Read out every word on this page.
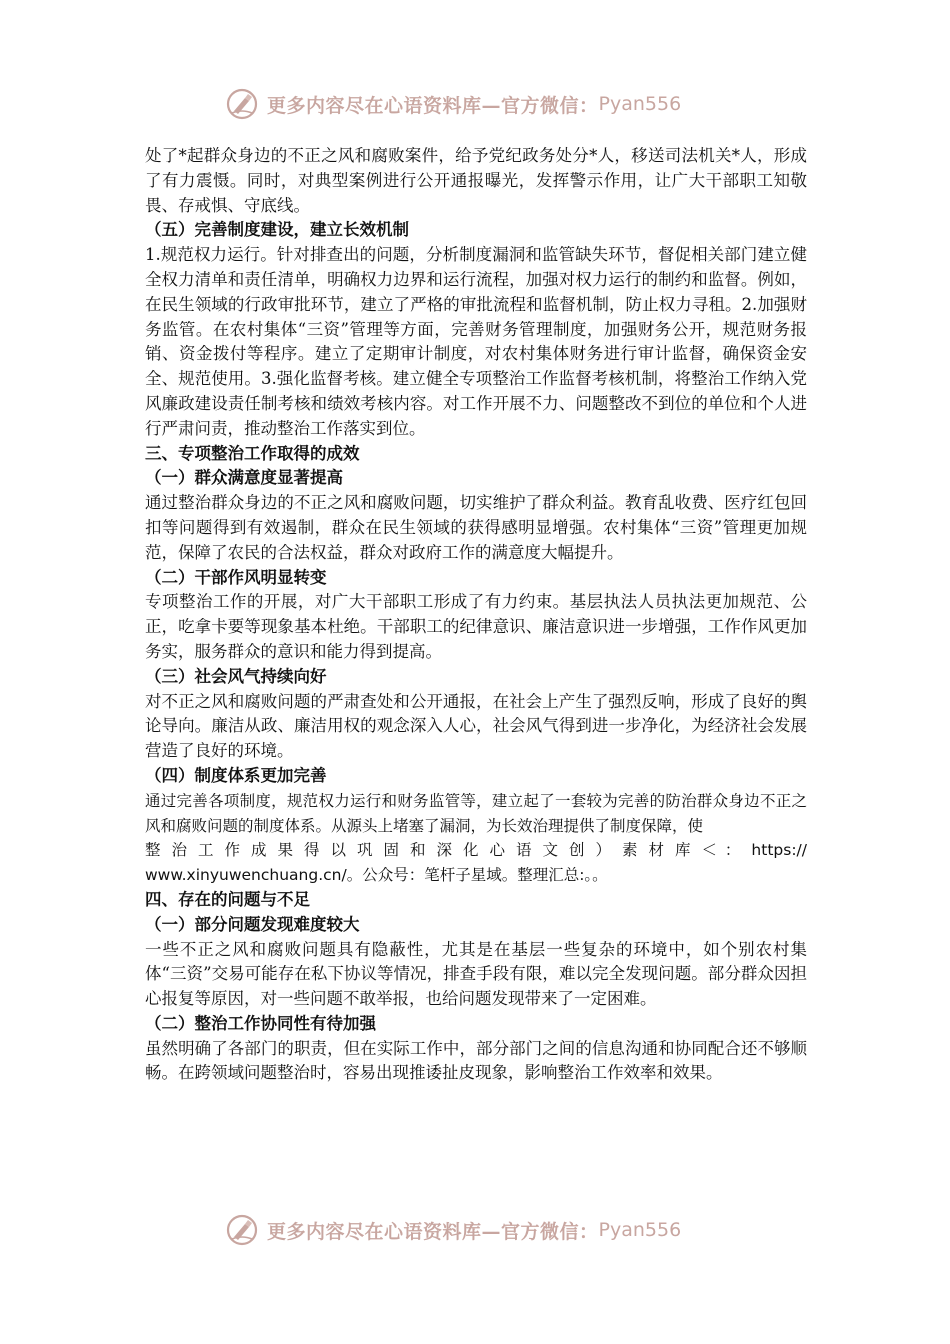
更多内容尽在心语资料库—官方微信： Pyan556

处了*起群众身边的不正之风和腐败案件，给予党纪政务处分*人，移送司法机关*人，形成了有力震慑。同时，对典型案例进行公开通报曝光，发挥警示作用，让广大干部职工知敬畏、存戒惧、守底线。

（五）完善制度建设，建立长效机制

1.规范权力运行。针对排查出的问题，分析制度漏洞和监管缺失环节，督促相关部门建立健全权力清单和责任清单，明确权力边界和运行流程，加强对权力运行的制约和监督。例如，在民生领域的行政审批环节，建立了严格的审批流程和监督机制，防止权力寻租。2.加强财务监管。在农村集体“三资”管理等方面，完善财务管理制度，加强财务公开，规范财务报销、资金拨付等程序。建立了定期审计制度，对农村集体财务进行审计监督，确保资金安全、规范使用。3.强化监督考核。建立健全专项整治工作监督考核机制，将整治工作纳入党风廉政建设责任制考核和绩效考核内容。对工作开展不力、问题整改不到位的单位和个人进行严肃问责，推动整治工作落实到位。

三、专项整治工作取得的成效

（一）群众满意度显著提高

通过整治群众身边的不正之风和腐败问题，切实维护了群众利益。教育乱收费、医疗红包回扣等问题得到有效遏制，群众在民生领域的获得感明显增强。农村集体“三资”管理更加规范，保障了农民的合法权益，群众对政府工作的满意度大幅提升。

（二）干部作风明显转变

专项整治工作的开展，对广大干部职工形成了有力约束。基层执法人员执法更加规范、公正，吃拿卡要等现象基本杜绝。干部职工的纪律意识、廉洁意识进一步增强，工作作风更加务实，服务群众的意识和能力得到提高。

（三）社会风气持续向好

对不正之风和腐败问题的严肃查处和公开通报，在社会上产生了强烈反响，形成了良好的舆论导向。廉洁从政、廉洁用权的观念深入人心，社会风气得到进一步净化，为经济社会发展营造了良好的环境。

（四）制度体系更加完善

通过完善各项制度，规范权力运行和财务监管等，建立起了一套较为完善的防治群众身边不正之风和腐败问题的制度体系。从源头上堵塞了漏洞，为长效治理提供了制度保障，使

整 治 工 作 成 果 得 以 巩 固 和 深 化 心 语 文 创 ） 素 材 库 ＜ ： https://

www.xinyuwenchuang.cn/。公众号：笔杆子星域。整理汇总:。。

四、存在的问题与不足

（一）部分问题发现难度较大

一些不正之风和腐败问题具有隐蔽性，尤其是在基层一些复杂的环境中，如个别农村集体“三资”交易可能存在私下协议等情况，排查手段有限，难以完全发现问题。部分群众因担心报复等原因，对一些问题不敢举报，也给问题发现带来了一定困难。

（二）整治工作协同性有待加强

虽然明确了各部门的职责，但在实际工作中，部分部门之间的信息沟通和协同配合还不够顺畅。在跨领域问题整治时，容易出现推诿扯皮现象，影响整治工作效率和效果。

更多内容尽在心语资料库—官方微信： Pyan556
